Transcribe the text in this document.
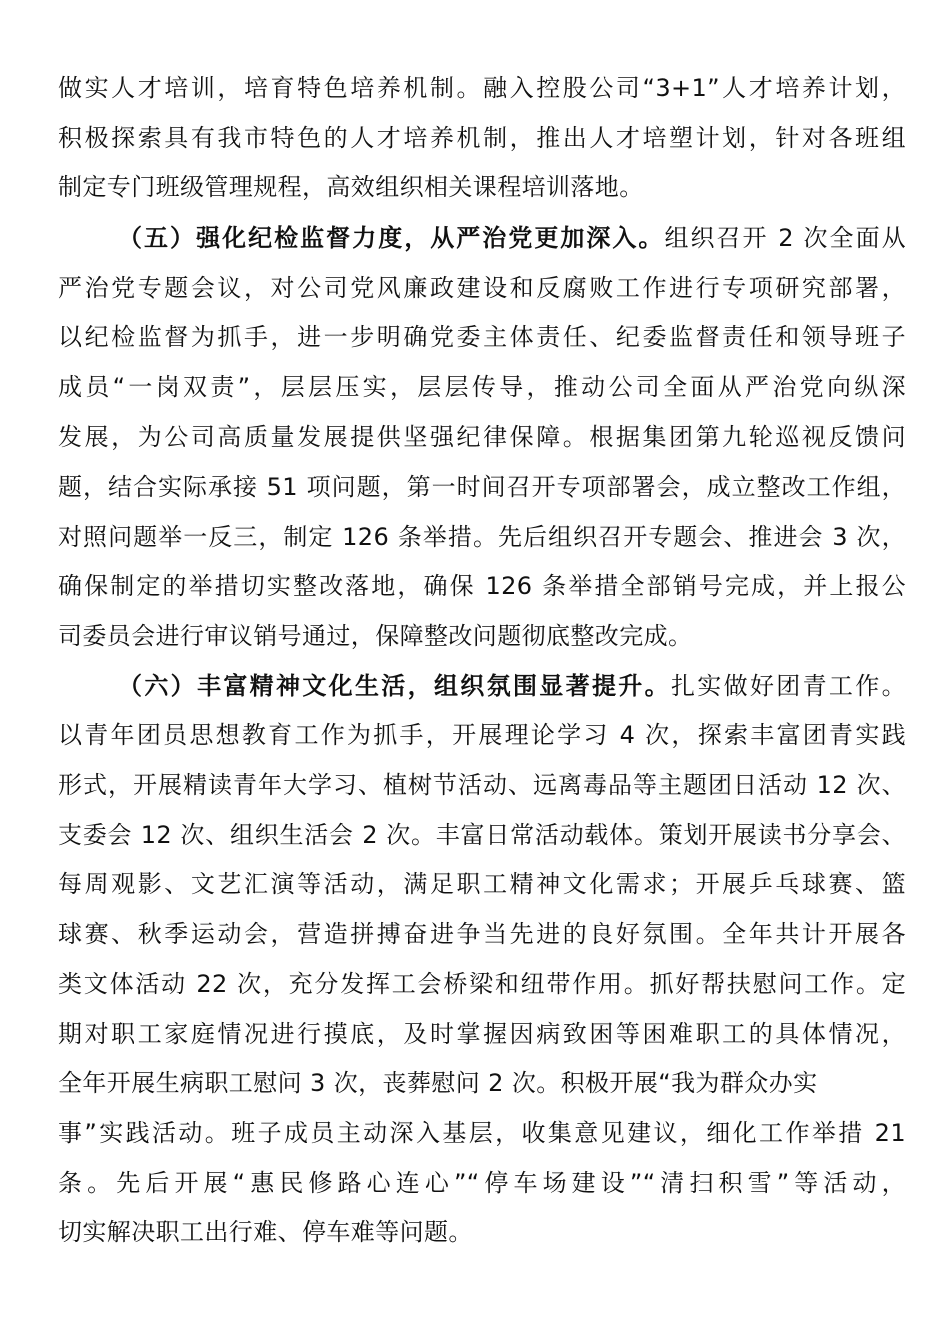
做实人才培训，培育特色培养机制。融入控股公司“3+1”人才培养计划，
积极探索具有我市特色的人才培养机制，推出人才培塑计划，针对各班组
制定专门班级管理规程，高效组织相关课程培训落地。
（五）强化纪检监督力度，从严治党更加深入。组织召开 2 次全面从
严治党专题会议，对公司党风廉政建设和反腐败工作进行专项研究部署，
以纪检监督为抓手，进一步明确党委主体责任、纪委监督责任和领导班子
成员“一岗双责”，层层压实，层层传导，推动公司全面从严治党向纵深
发展，为公司高质量发展提供坚强纪律保障。根据集团第九轮巡视反馈问
题，结合实际承接 51 项问题，第一时间召开专项部署会，成立整改工作组，
对照问题举一反三，制定 126 条举措。先后组织召开专题会、推进会 3 次，
确保制定的举措切实整改落地，确保 126 条举措全部销号完成，并上报公
司委员会进行审议销号通过，保障整改问题彻底整改完成。
（六）丰富精神文化生活，组织氛围显著提升。扎实做好团青工作。
以青年团员思想教育工作为抓手，开展理论学习 4 次，探索丰富团青实践
形式，开展精读青年大学习、植树节活动、远离毒品等主题团日活动 12 次、
支委会 12 次、组织生活会 2 次。丰富日常活动载体。策划开展读书分享会、
每周观影、文艺汇演等活动，满足职工精神文化需求；开展乒乓球赛、篮
球赛、秋季运动会，营造拼搏奋进争当先进的良好氛围。全年共计开展各
类文体活动 22 次，充分发挥工会桥梁和纽带作用。抓好帮扶慰问工作。定
期对职工家庭情况进行摸底，及时掌握因病致困等困难职工的具体情况，
全年开展生病职工慰问 3 次，丧葬慰问 2 次。积极开展“我为群众办实
事”实践活动。班子成员主动深入基层，收集意见建议，细化工作举措 21
条。先后开展“惠民修路心连心”“停车场建设”“清扫积雪”等活动，
切实解决职工出行难、停车难等问题。
